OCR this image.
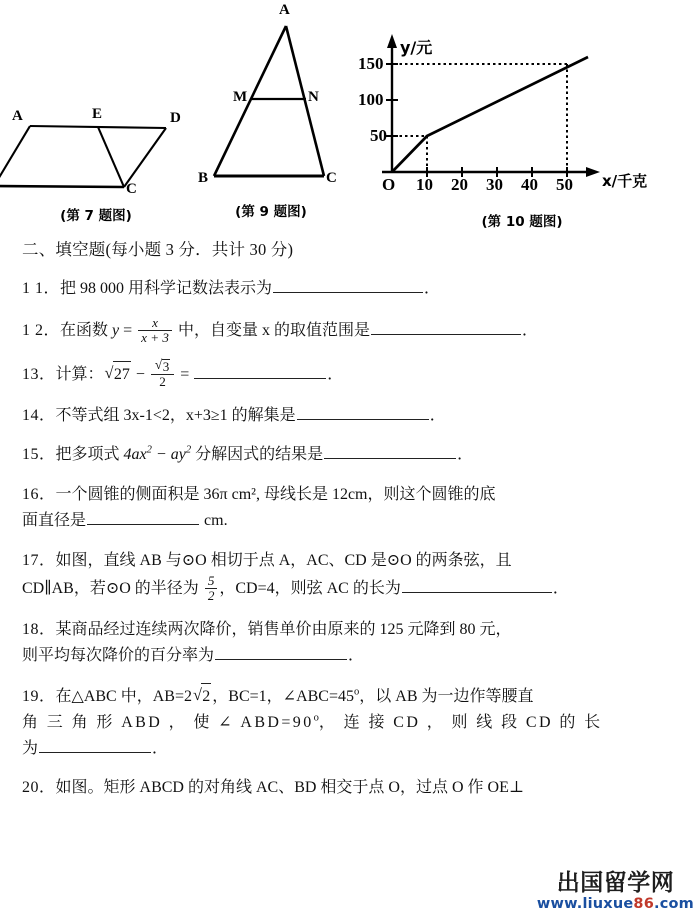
A	E	D
C
(第 7 题图)
A
M	N
B	C
(第 9 题图)
y/元
x/千克
150
100
50
O 10 20 30 40 50
(第 10 题图)
二、填空题(每小题 3 分．共计 30 分)
1 1．把 98 000 用科学记数法表示为	．
1 2．在函数 $y = \frac{x}{x + 3}$ 中，自变量 x 的取值范围是	．
13．计算： √ 27 − √ $\frac{3}{2}$ =	．
14．不等式组 3x-1<2，x+3≥1 的解集是	．
15．把多项式 $4ax^2 - ay^2$ 分解因式的结果是	．
16．一个圆锥的侧面积是 36π cm², 母线长是 12cm，则这个圆锥的底
面直径是	cm.
17．如图，直线 AB 与⊙O 相切于点 A，AC、CD 是⊙O 的两条弦，且
CD∥AB，若⊙O 的半径为 $\frac{5}{2}$ ，CD=4，则弦 AC 的长为	．
18．某商品经过连续两次降价，销售单价由原来的 125 元降到 80 元，
则平均每次降价的百分率为	．
19．在△ABC 中，AB=2 √ 2 ，BC=1，$\angle ABC=45^o$，以 AB 为一边作等腰直
角 三 角 形 ABD ， 使 ∠ $ABD=90^o$， 连 接 CD ， 则 线 段 CD 的 长
为	．
20．如图。矩形 ABCD 的对角线 AC、BD 相交于点 O，过点 O 作 OE⊥
出国留学网
www.liuxue86.com
